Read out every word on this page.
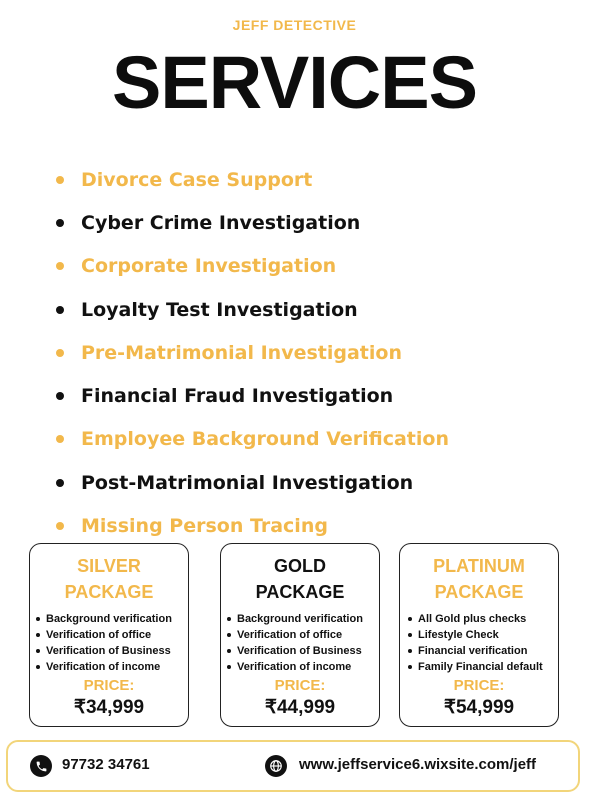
JEFF DETECTIVE
SERVICES
Divorce Case Support
Cyber Crime Investigation
Corporate Investigation
Loyalty Test Investigation
Pre-Matrimonial Investigation
Financial Fraud Investigation
Employee Background Verification
Post-Matrimonial Investigation
Missing Person Tracing
SILVER
PACKAGE
Background verification
Verification of office
Verification of Business
Verification of income
PRICE:
₹34,999
GOLD
PACKAGE
Background verification
Verification of office
Verification of Business
Verification of income
PRICE:
₹44,999
PLATINUM
PACKAGE
All Gold plus checks
Lifestyle Check
Financial verification
Family Financial default
PRICE:
₹54,999
97732 34761	www.jeffservice6.wixsite.com/jeff
